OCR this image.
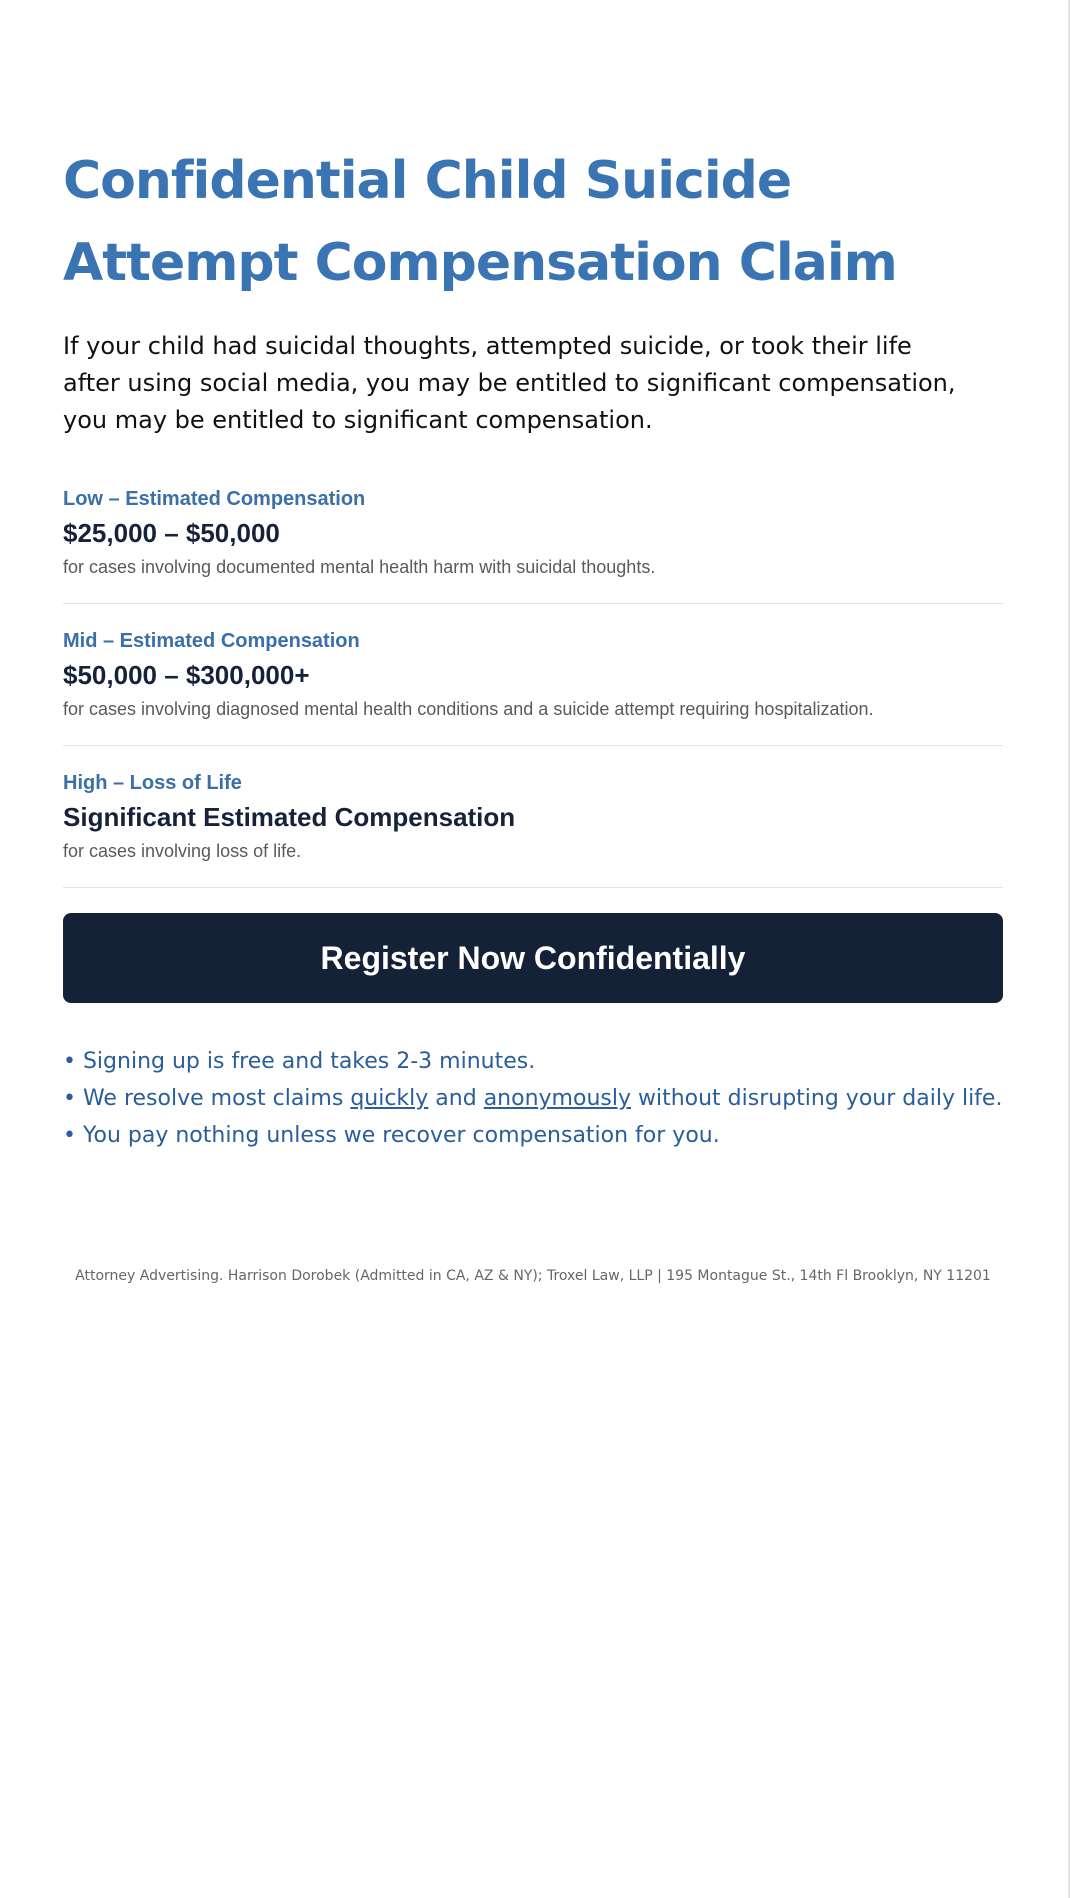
Confidential Child Suicide Attempt Compensation Claim

If your child had suicidal thoughts, attempted suicide, or took their life after using social media, you may be entitled to significant compensation, you may be entitled to significant compensation.

Low – Estimated Compensation
$25,000 – $50,000
for cases involving documented mental health harm with suicidal thoughts.
Mid – Estimated Compensation
$50,000 – $300,000+
for cases involving diagnosed mental health conditions and a suicide attempt requiring hospitalization.
High – Loss of Life
Significant Estimated Compensation
for cases involving loss of life.
Register Now Confidentially
• Signing up is free and takes 2-3 minutes.
• We resolve most claims quickly and anonymously without disrupting your daily life.
• You pay nothing unless we recover compensation for you.
Attorney Advertising. Harrison Dorobek (Admitted in CA, AZ & NY); Troxel Law, LLP | 195 Montague St., 14th Fl Brooklyn, NY 11201
